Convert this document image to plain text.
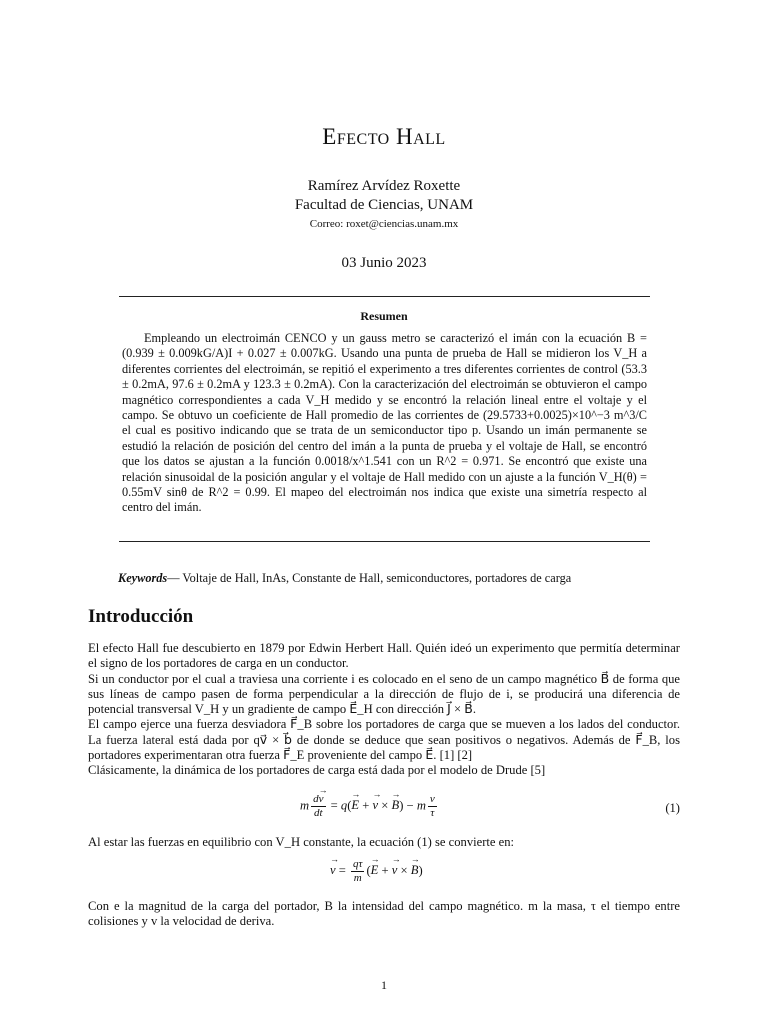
Efecto Hall
Ramírez Arvídez Roxette
Facultad de Ciencias, UNAM
Correo: roxet@ciencias.unam.mx
03 Junio 2023
Resumen
Empleando un electroimán CENCO y un gauss metro se caracterizó el imán con la ecuación B = (0.939 ± 0.009kG/A)I + 0.027 ± 0.007kG. Usando una punta de prueba de Hall se midieron los V_H a diferentes corrientes del electroimán, se repitió el experimento a tres diferentes corrientes de control (53.3 ± 0.2mA, 97.6 ± 0.2mA y 123.3 ± 0.2mA). Con la caracterización del electroimán se obtuvieron el campo magnético correspondientes a cada V_H medido y se encontró la relación lineal entre el voltaje y el campo. Se obtuvo un coeficiente de Hall promedio de las corrientes de (29.5733+0.0025)×10^−3 m^3/C el cual es positivo indicando que se trata de un semiconductor tipo p. Usando un imán permanente se estudió la relación de posición del centro del imán a la punta de prueba y el voltaje de Hall, se encontró que los datos se ajustan a la función 0.0018/x^1.541 con un R^2 = 0.971. Se encontró que existe una relación sinusoidal de la posición angular y el voltaje de Hall medido con un ajuste a la función V_H(θ) = 0.55mV sinθ de R^2 = 0.99. El mapeo del electroimán nos indica que existe una simetría respecto al centro del imán.
Keywords— Voltaje de Hall, InAs, Constante de Hall, semiconductores, portadores de carga
Introducción

El efecto Hall fue descubierto en 1879 por Edwin Herbert Hall. Quién ideó un experimento que permitía determinar el signo de los portadores de carga en un conductor.

Si un conductor por el cual a traviesa una corriente i es colocado en el seno de un campo magnético B⃗ de forma que sus líneas de campo pasen de forma perpendicular a la dirección de flujo de i, se producirá una diferencia de potencial transversal V_H y un gradiente de campo E⃗_H con dirección J⃗ × B⃗.

El campo ejerce una fuerza desviadora F⃗_B sobre los portadores de carga que se mueven a los lados del conductor. La fuerza lateral está dada por qv⃗ × b⃗ de donde se deduce que sean positivos o negativos. Además de F⃗_B, los portadores experimentaran otra fuerza F⃗_E proveniente del campo E⃗. [1] [2]

Clásicamente, la dinámica de los portadores de carga está dada por el modelo de Drude [5]

m $\frac{d\to v}{dt} = q(\to E$ + → v × → B) − m $\frac{v}{\tau}$	(1)
Al estar las fuerzas en equilibrio con V_H constante, la ecuación (1) se convierte en:
→ $v = \frac{q\tau}{m}$ (→ E + → v × → B)
Con e la magnitud de la carga del portador, B la intensidad del campo magnético. m la masa, τ el tiempo entre colisiones y v la velocidad de deriva.
1
